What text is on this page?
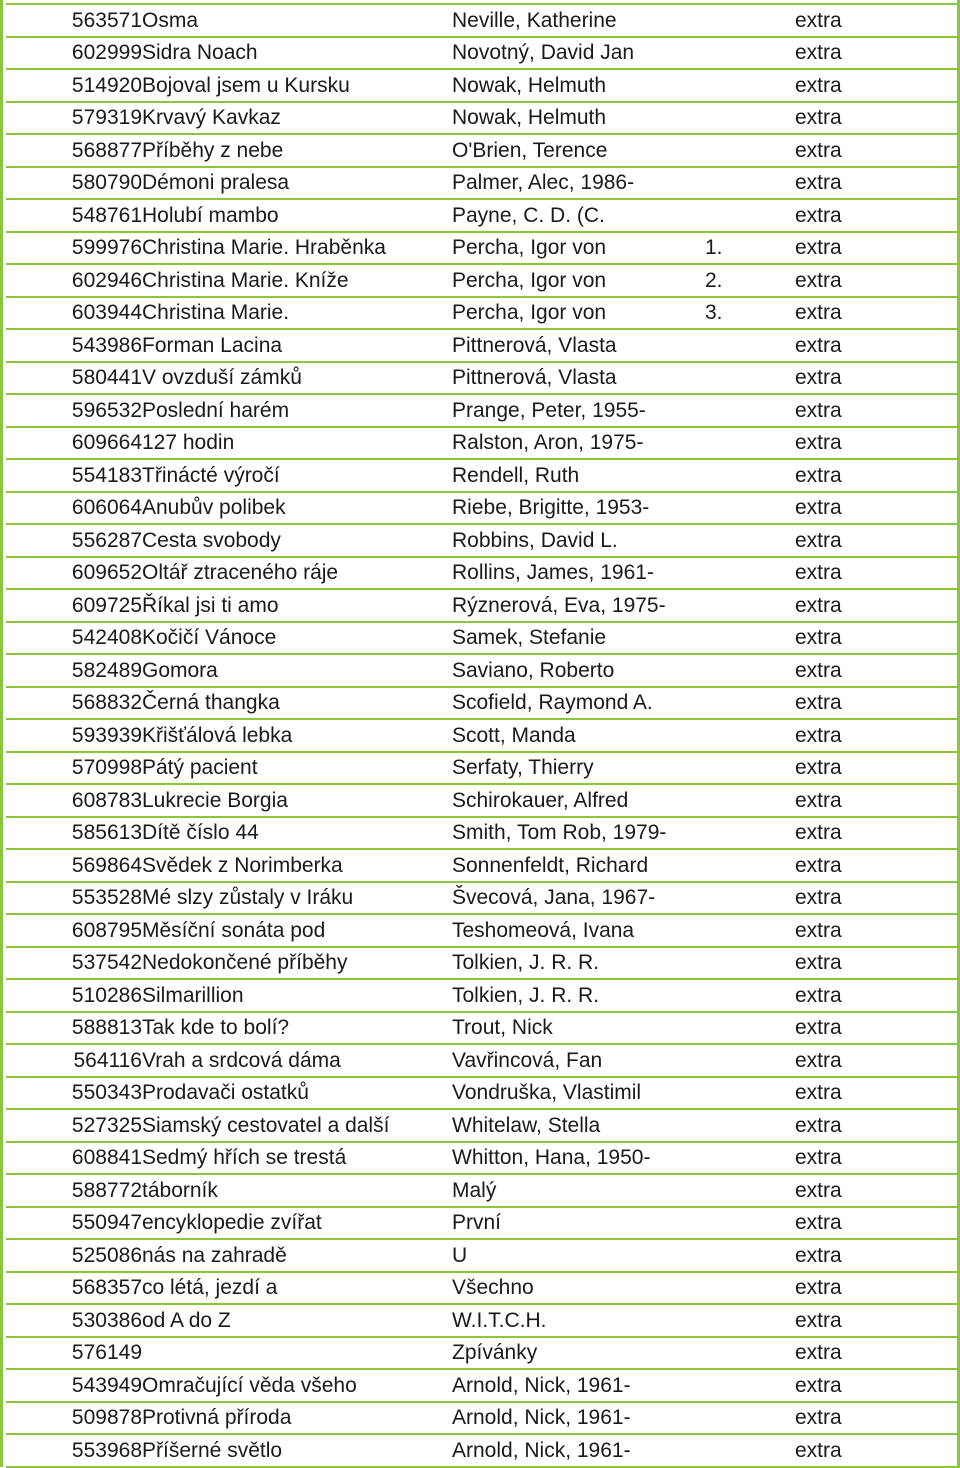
563571	Osma	Neville, Katherine		extra
602999	Sidra Noach	Novotný, David Jan		extra
514920	Bojoval jsem u Kursku	Nowak, Helmuth		extra
579319	Krvavý Kavkaz	Nowak, Helmuth		extra
568877	Příběhy z nebe	O'Brien, Terence		extra
580790	Démoni pralesa	Palmer, Alec, 1986-		extra
548761	Holubí mambo	Payne, C. D. (C.		extra
599976	Christina Marie. Hraběnka	Percha, Igor von	1.	extra
602946	Christina Marie. Kníže	Percha, Igor von	2.	extra
603944	Christina Marie.	Percha, Igor von	3.	extra
543986	Forman Lacina	Pittnerová, Vlasta		extra
580441	V ovzduší zámků	Pittnerová, Vlasta		extra
596532	Poslední harém	Prange, Peter, 1955-		extra
609664	127 hodin	Ralston, Aron, 1975-		extra
554183	Třinácté výročí	Rendell, Ruth		extra
606064	Anubův polibek	Riebe, Brigitte, 1953-		extra
556287	Cesta svobody	Robbins, David L.		extra
609652	Oltář ztraceného ráje	Rollins, James, 1961-		extra
609725	Říkal jsi ti amo	Rýznerová, Eva, 1975-		extra
542408	Kočičí Vánoce	Samek, Stefanie		extra
582489	Gomora	Saviano, Roberto		extra
568832	Černá thangka	Scofield, Raymond A.		extra
593939	Křišťálová lebka	Scott, Manda		extra
570998	Pátý pacient	Serfaty, Thierry		extra
608783	Lukrecie Borgia	Schirokauer, Alfred		extra
585613	Dítě číslo 44	Smith, Tom Rob, 1979-		extra
569864	Svědek z Norimberka	Sonnenfeldt, Richard		extra
553528	Mé slzy zůstaly v Iráku	Švecová, Jana, 1967-		extra
608795	Měsíční sonáta pod	Teshomeová, Ivana		extra
537542	Nedokončené příběhy	Tolkien, J. R. R.		extra
510286	Silmarillion	Tolkien, J. R. R.		extra
588813	Tak kde to bolí?	Trout, Nick		extra
564116	Vrah a srdcová dáma	Vavřincová, Fan		extra
550343	Prodavači ostatků	Vondruška, Vlastimil		extra
527325	Siamský cestovatel a další	Whitelaw, Stella		extra
608841	Sedmý hřích se trestá	Whitton, Hana, 1950-		extra
588772	táborník	Malý		extra
550947	encyklopedie zvířat	První		extra
525086	nás na zahradě	U		extra
568357	co létá, jezdí a	Všechno		extra
530386	od A do Z	W.I.T.C.H.		extra
576149		Zpívánky		extra
543949	Omračující věda všeho	Arnold, Nick, 1961-		extra
509878	Protivná příroda	Arnold, Nick, 1961-		extra
553968	Příšerné světlo	Arnold, Nick, 1961-		extra
